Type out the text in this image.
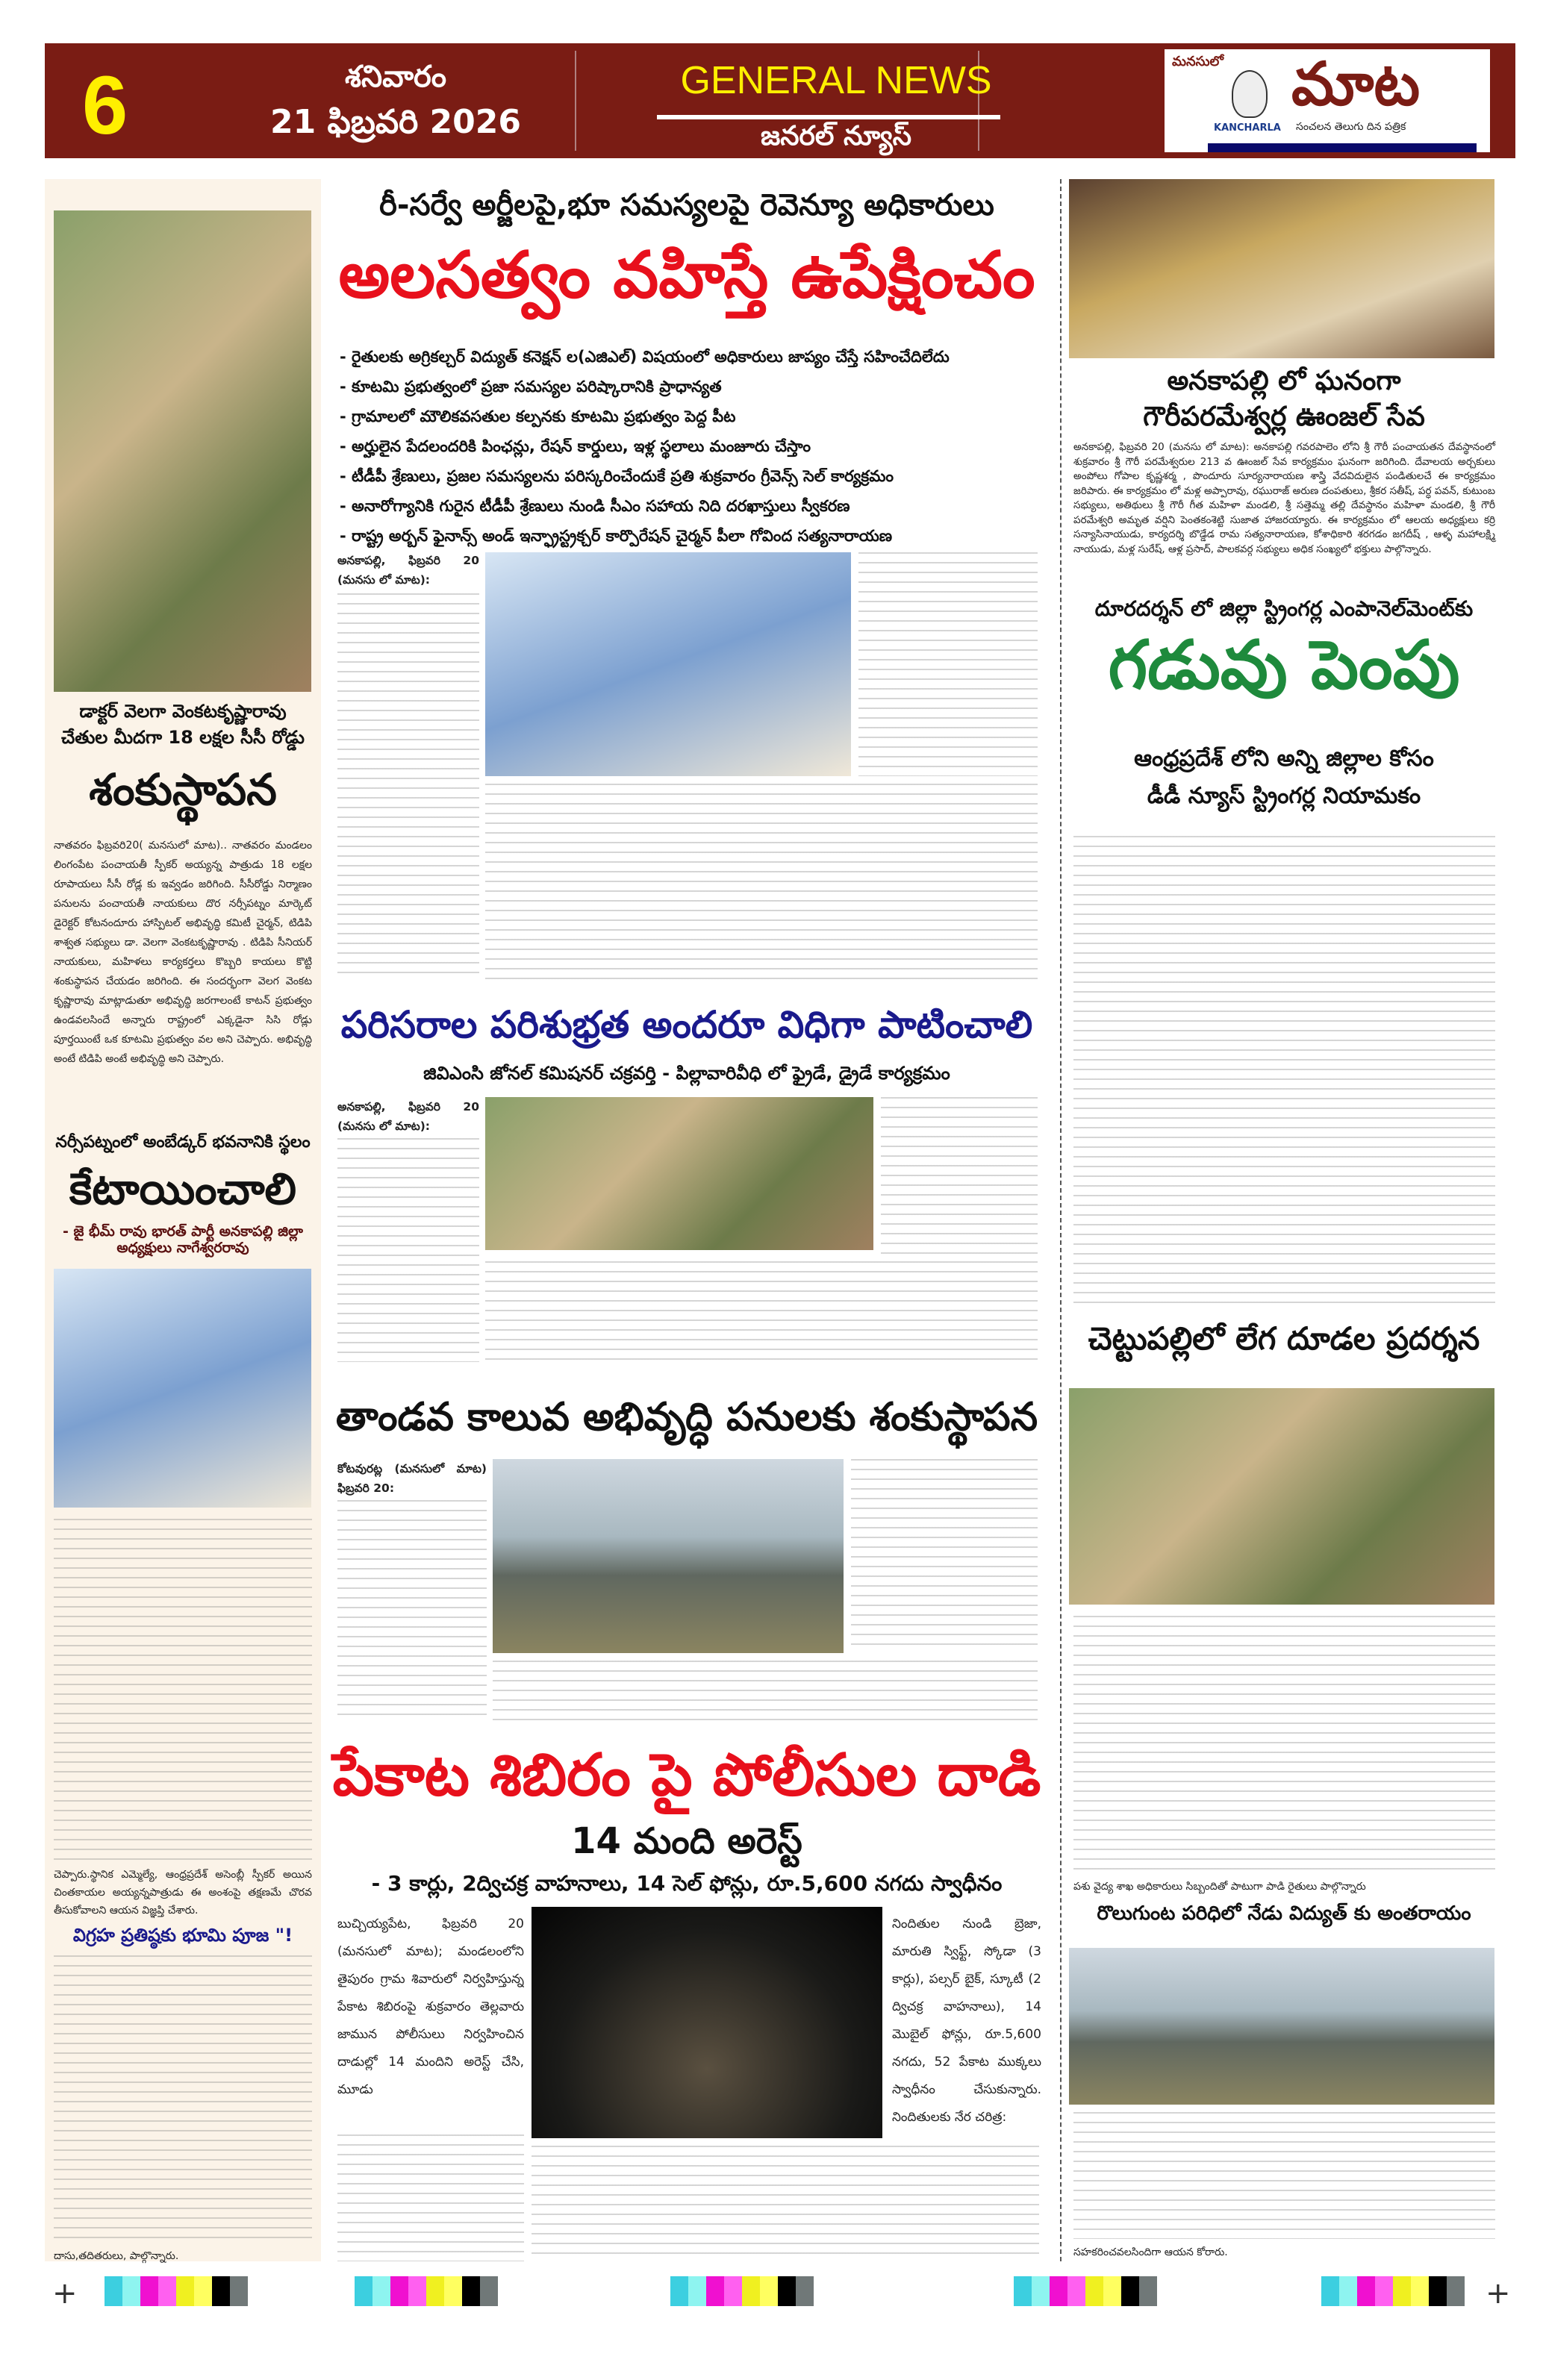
6	శనివారం
21 ఫిబ్రవరి 2026
GENERAL NEWS
జనరల్ న్యూస్
మనసులో మాట
KANCHARLA సంచలన తెలుగు దిన పత్రిక
డాక్టర్ వెలగా వెంకటకృష్ణారావు
చేతుల మీదగా 18 లక్షల సీసీ రోడ్డు
శంకుస్థాపన
నాతవరం ఫిబ్రవరి20( మనసులో మాట).. నాతవరం మండలం లింగంపేట పంచాయతీ స్పీకర్ అయ్యన్న పాత్రుడు 18 లక్షల రూపాయలు సీసీ రోడ్ల కు ఇవ్వడం జరిగింది. సీసీరోడ్డు నిర్మాణం పనులను పంచాయతీ నాయకులు దొర నర్సీపట్నం మార్కెట్ డైరెక్టర్ కోటనందూరు హాస్పిటల్ అభివృద్ధి కమిటీ చైర్మన్, టిడిపి శాశ్వత సభ్యులు డా. వెలగా వెంకటకృష్ణారావు . టిడిపి సీనియర్ నాయకులు, మహిళలు కార్యకర్తలు కొబ్బరి కాయలు కొట్టి శంకుస్థాపన చేయడం జరిగింది. ఈ సందర్భంగా వెలగ వెంకట కృష్ణారావు మాట్లాడుతూ అభివృద్ధి జరగాలంటే కాటన్ ప్రభుత్వం ఉండవలసిందే అన్నారు రాష్ట్రంలో ఎక్కడైనా సిసి రోడ్లు పూర్తయింటే ఒక కూటమి ప్రభుత్వం వల అని చెప్పారు. అభివృద్ధి అంటే టిడిపి అంటే అభివృద్ధి అని చెప్పారు.
నర్సీపట్నంలో అంబేడ్కర్ భవనానికి స్థలం
కేటాయించాలి
- జై భీమ్ రావు భారత్ పార్టీ అనకాపల్లి జిల్లా అధ్యక్షులు నాగేశ్వరరావు
చెప్పారు.స్థానిక ఎమ్మెల్యే, ఆంధ్రప్రదేశ్ అసెంబ్లీ స్పీకర్ అయిన చింతకాయల అయ్యన్నపాత్రుడు ఈ అంశంపై తక్షణమే చొరవ తీసుకోవాలని ఆయన విజ్ఞప్తి చేశారు.
విగ్రహ ప్రతిష్ఠకు భూమి పూజ "!
దాసు,తదితరులు, పాల్గొన్నారు.
రీ-సర్వే అర్జీలపై,భూ సమస్యలపై రెవెన్యూ అధికారులు
అలసత్వం వహిస్తే ఉపేక్షించం
- రైతులకు అగ్రికల్చర్ విద్యుత్ కనెక్షన్ ల(ఎజిఎల్) విషయంలో అధికారులు జాప్యం చేస్తే సహించేదిలేదు
- కూటమి ప్రభుత్వంలో ప్రజా సమస్యల పరిష్కారానికి ప్రాధాన్యత
- గ్రామాలలో మౌలికవసతుల కల్పనకు కూటమి ప్రభుత్వం పెద్ద పీట
- అర్హులైన పేదలందరికి పింఛన్లు, రేషన్ కార్డులు, ఇళ్ల స్థలాలు మంజూరు చేస్తాం
- టీడీపీ శ్రేణులు, ప్రజల సమస్యలను పరిస్కరించేందుకే ప్రతి శుక్రవారం గ్రీవెన్స్ సెల్ కార్యక్రమం
- అనారోగ్యానికి గురైన టీడీపీ శ్రేణులు నుండి సీఎం సహాయ నిది దరఖాస్తులు స్వీకరణ
- రాష్ట్ర అర్బన్ ఫైనాన్స్ అండ్ ఇన్ఫ్రాస్ట్రక్చర్ కార్పొరేషన్ చైర్మన్ పీలా గోవింద సత్యనారాయణ
అనకాపల్లి, ఫిబ్రవరి 20 (మనసు లో మాట):
పరిసరాల పరిశుభ్రత అందరూ విధిగా పాటించాలి
జివిఎంసి జోనల్ కమిషనర్ చక్రవర్తి - పిల్లావారివీధి లో ఫ్రైడే, డ్రైడే కార్యక్రమం
అనకాపల్లి, ఫిబ్రవరి 20 (మనసు లో మాట):
తాండవ కాలువ అభివృద్ధి పనులకు శంకుస్థాపన
కోటవురట్ల (మనసులో మాట) ఫిబ్రవరి 20:
పేకాట శిబిరం పై పోలీసుల దాడి
14 మంది అరెస్ట్
- 3 కార్లు, 2ద్విచక్ర వాహనాలు, 14 సెల్ ఫోన్లు, రూ.5,600 నగదు స్వాధీనం
బుచ్చియ్యపేట, ఫిబ్రవరి 20 (మనసులో మాట); మండలంలోని తైపురం గ్రామ శివారులో నిర్వహిస్తున్న పేకాట శిబిరంపై శుక్రవారం తెల్లవారు జామున పోలీసులు నిర్వహించిన దాడుల్లో 14 మందిని అరెస్ట్ చేసి, మూడు
నిందితుల నుండి బ్రెజా, మారుతి స్విఫ్ట్, స్కోడా (3 కార్లు), పల్సర్ బైక్, స్కూటీ (2 ద్విచక్ర వాహనాలు), 14 మొబైల్ ఫోన్లు, రూ.5,600 నగదు, 52 పేకాట ముక్కలు స్వాధీనం చేసుకున్నారు. నిందితులకు నేర చరిత్ర:
అనకాపల్లి లో ఘనంగా
గౌరీపరమేశ్వర్ల ఊంజల్ సేవ
అనకాపల్లి, ఫిబ్రవరి 20 (మనసు లో మాట): అనకాపల్లి గవరపాలెం లోని శ్రీ గౌరీ పంచాయతన దేవస్థానంలో శుక్రవారం శ్రీ గౌరీ పరమేశ్వరుల 213 వ ఊంజల్ సేవ కార్యక్రమం ఘనంగా జరిగింది. దేవాలయ అర్చకులు అంపోలు గోపాల కృష్ణశర్మ , పొందూరు సూర్యనారాయణ శాస్త్రి వేదవిదులైన పండితులచే ఈ కార్యక్రమం జరిపారు. ఈ కార్యక్రమం లో మళ్ల అప్పారావు, రఘురాజ్ అరుణ దంపతులు, శ్రీకర సతీష్, పర్ధ పవన్, కుటుంబ సభ్యులు, అతిథులు శ్రీ గౌరీ గీత మహిళా మండలి, శ్రీ సత్తెమ్మ తల్లి దేవస్థానం మహిళా మండలి, శ్రీ గౌరీ పరమేశ్వరి అమృత వర్షిని పెంతకంశెట్టి సుజాత హాజరయ్యారు. ఈ కార్యక్రమం లో ఆలయ అధ్యక్షులు కర్రి సన్యాసినాయుడు, కార్యదర్శి బొడ్డేడ రామ సత్యనారాయణ, కోశాధికారి శరగడం జగదీష్ , ఆళ్ళ మహాలక్ష్మి నాయుడు, మళ్ల సురేష్, ఆళ్ల ప్రసాద్, పాలకవర్గ సభ్యులు అధిక సంఖ్యలో భక్తులు పాల్గొన్నారు.
దూరదర్శన్ లో జిల్లా స్ట్రింగర్ల ఎంపానెల్‌మెంట్‌కు
గడువు పెంపు
ఆంధ్రప్రదేశ్ లోని అన్ని జిల్లాల కోసం
డీడీ న్యూస్ స్ట్రింగర్ల నియామకం
చెట్టుపల్లిలో లేగ దూడల ప్రదర్శన
పశు వైద్య శాఖ అధికారులు సిబ్బందితో పాటుగా పాడి రైతులు పాల్గొన్నారు
రొలుగుంట పరిధిలో నేడు విద్యుత్ కు అంతరాయం
సహకరించవలసిందిగా ఆయన కోరారు.
+	+
